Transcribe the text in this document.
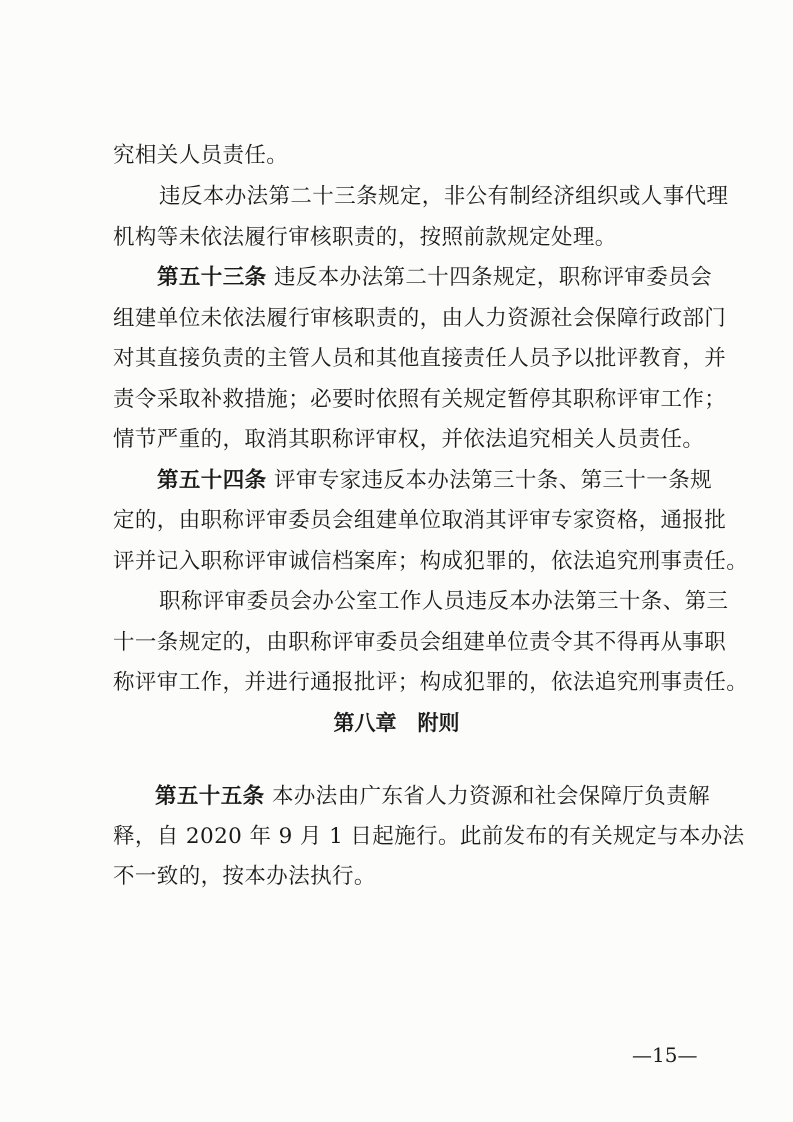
究相关人员责任。
违反本办法第二十三条规定，非公有制经济组织或人事代理
机构等未依法履行审核职责的，按照前款规定处理。
第五十三条 违反本办法第二十四条规定，职称评审委员会
组建单位未依法履行审核职责的，由人力资源社会保障行政部门
对其直接负责的主管人员和其他直接责任人员予以批评教育，并
责令采取补救措施；必要时依照有关规定暂停其职称评审工作；
情节严重的，取消其职称评审权，并依法追究相关人员责任。
第五十四条 评审专家违反本办法第三十条、第三十一条规
定的，由职称评审委员会组建单位取消其评审专家资格，通报批
评并记入职称评审诚信档案库；构成犯罪的，依法追究刑事责任。
职称评审委员会办公室工作人员违反本办法第三十条、第三
十一条规定的，由职称评审委员会组建单位责令其不得再从事职
称评审工作，并进行通报批评；构成犯罪的，依法追究刑事责任。
第八章　附则
第五十五条 本办法由广东省人力资源和社会保障厅负责解
释，自 2020 年 9 月 1 日起施行。此前发布的有关规定与本办法
不一致的，按本办法执行。
—15—
